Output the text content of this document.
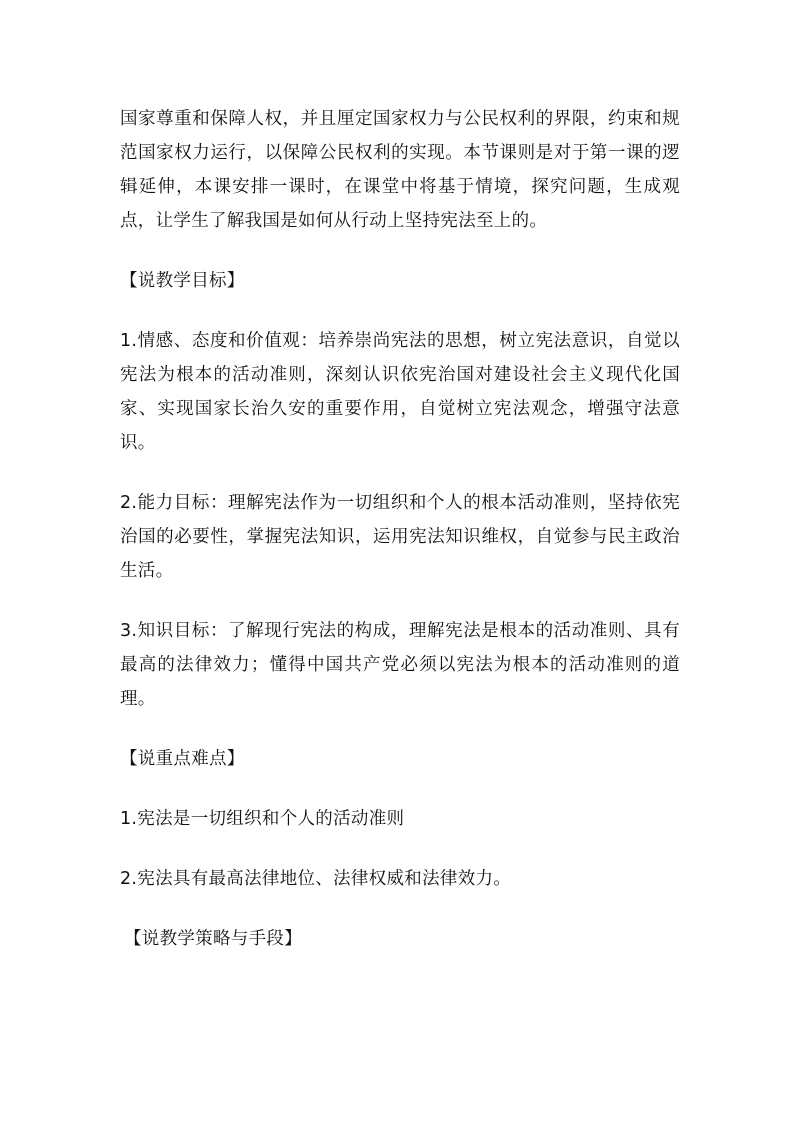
国家尊重和保障人权，并且厘定国家权力与公民权利的界限，约束和规范国家权力运行，以保障公民权利的实现。本节课则是对于第一课的逻辑延伸，本课安排一课时，在课堂中将基于情境，探究问题，生成观点，让学生了解我国是如何从行动上坚持宪法至上的。

【说教学目标】

1.情感、态度和价值观：培养崇尚宪法的思想，树立宪法意识，自觉以宪法为根本的活动准则，深刻认识依宪治国对建设社会主义现代化国家、实现国家长治久安的重要作用，自觉树立宪法观念，增强守法意识。

2.能力目标：理解宪法作为一切组织和个人的根本活动准则，坚持依宪治国的必要性，掌握宪法知识，运用宪法知识维权，自觉参与民主政治生活。

3.知识目标：了解现行宪法的构成，理解宪法是根本的活动准则、具有最高的法律效力；懂得中国共产党必须以宪法为根本的活动准则的道理。

【说重点难点】

1.宪法是一切组织和个人的活动准则

2.宪法具有最高法律地位、法律权威和法律效力。

【说教学策略与手段】
